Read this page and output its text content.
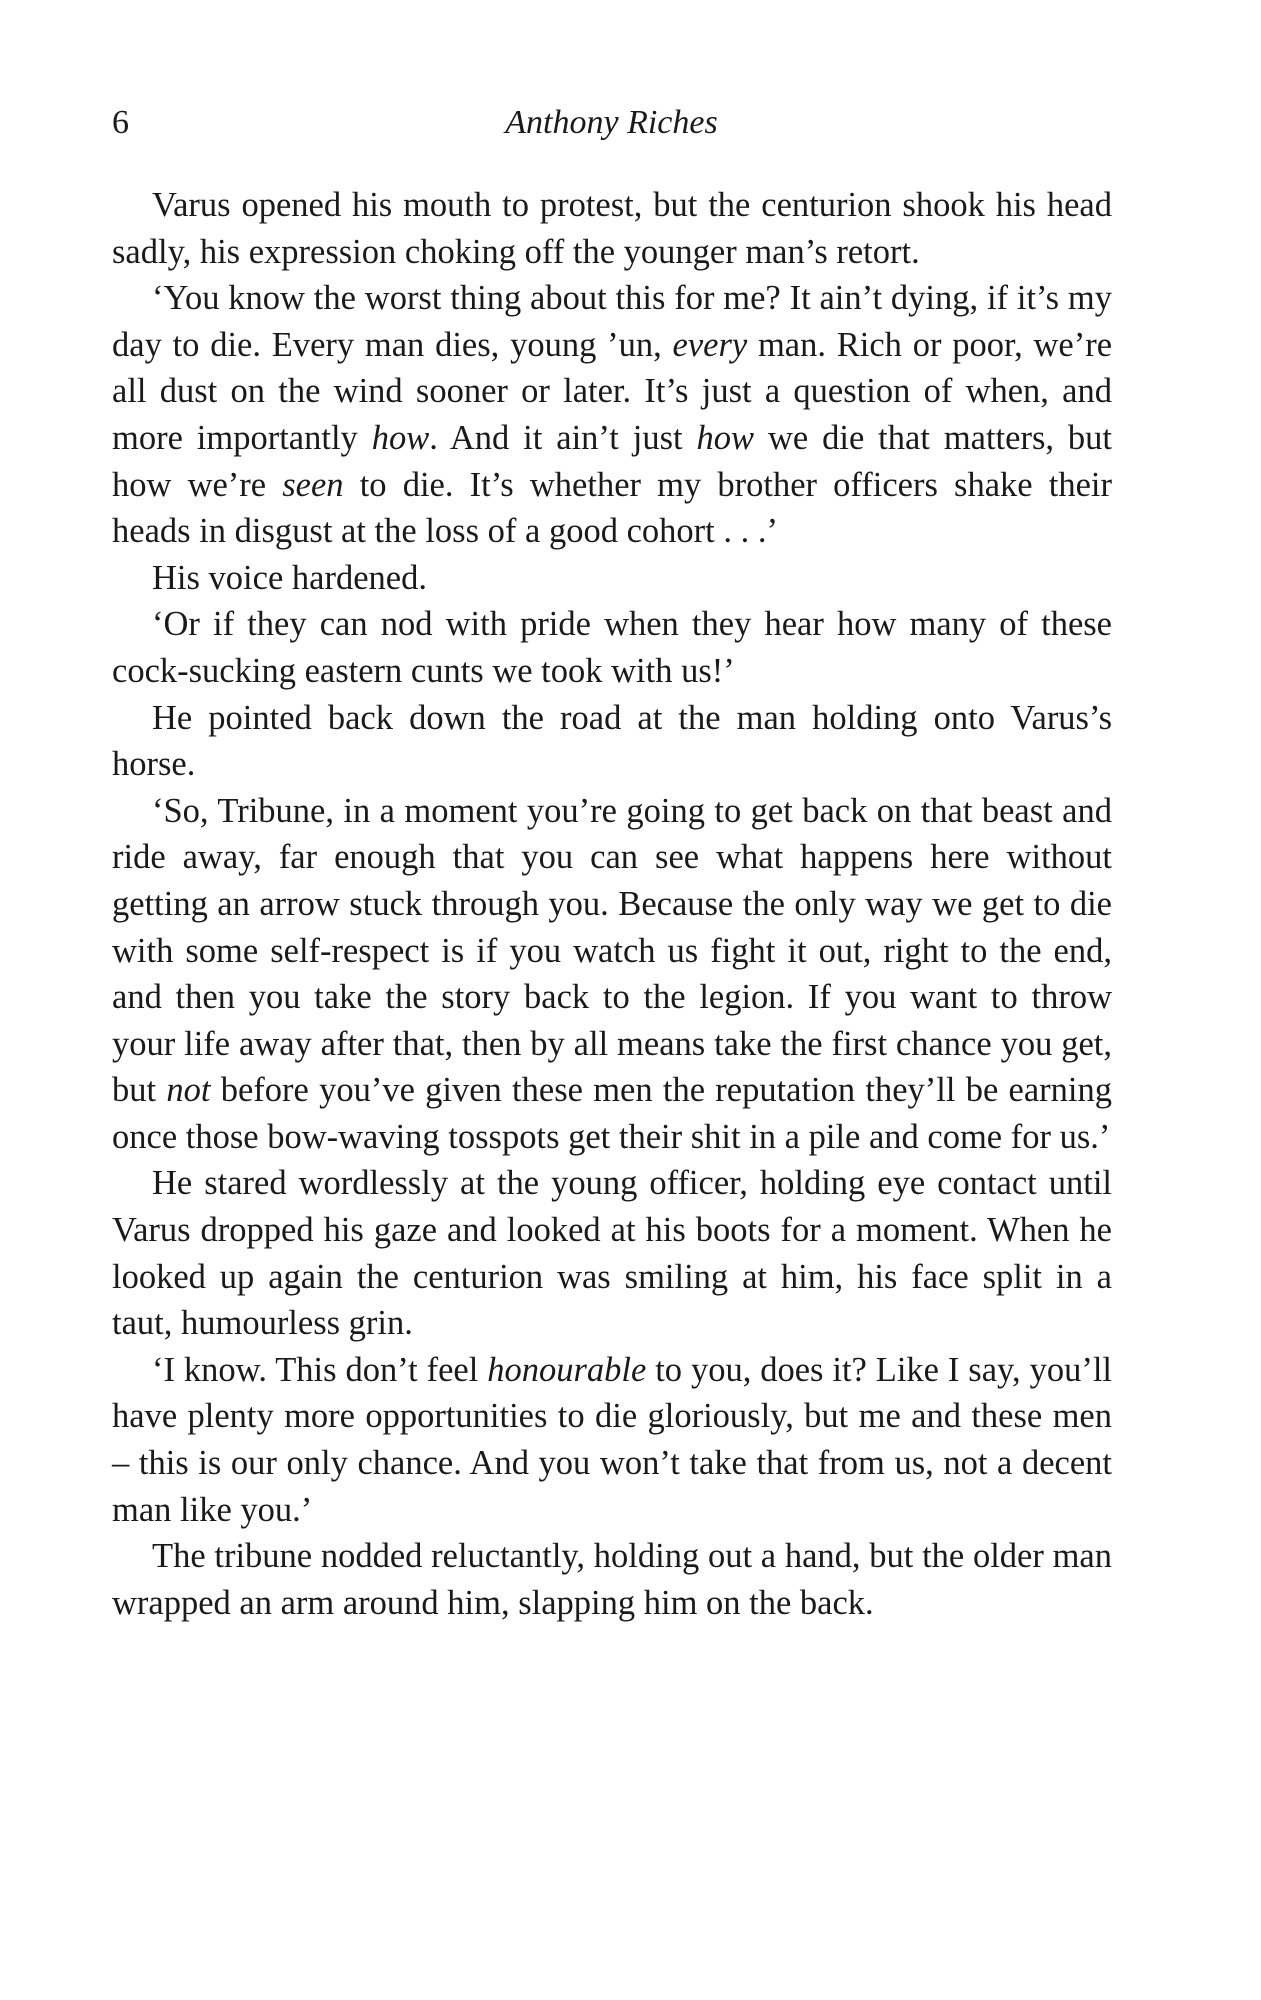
6	Anthony Riches

Varus opened his mouth to protest, but the centurion shook his head sadly, his expression choking off the younger man’s retort.

‘You know the worst thing about this for me? It ain’t dying, if it’s my day to die. Every man dies, young ’un, every man. Rich or poor, we’re all dust on the wind sooner or later. It’s just a question of when, and more importantly how. And it ain’t just how we die that matters, but how we’re seen to die. It’s whether my brother officers shake their heads in disgust at the loss of a good cohort . . .’

His voice hardened.

‘Or if they can nod with pride when they hear how many of these cock-sucking eastern cunts we took with us!’

He pointed back down the road at the man holding onto Varus’s horse.

‘So, Tribune, in a moment you’re going to get back on that beast and ride away, far enough that you can see what happens here without getting an arrow stuck through you. Because the only way we get to die with some self-respect is if you watch us fight it out, right to the end, and then you take the story back to the legion. If you want to throw your life away after that, then by all means take the first chance you get, but not before you’ve given these men the reputation they’ll be earning once those bow-waving tosspots get their shit in a pile and come for us.’

He stared wordlessly at the young officer, holding eye contact until Varus dropped his gaze and looked at his boots for a moment. When he looked up again the centurion was smiling at him, his face split in a taut, humourless grin.

‘I know. This don’t feel honourable to you, does it? Like I say, you’ll have plenty more opportunities to die gloriously, but me and these men – this is our only chance. And you won’t take that from us, not a decent man like you.’

The tribune nodded reluctantly, holding out a hand, but the older man wrapped an arm around him, slapping him on the back.
